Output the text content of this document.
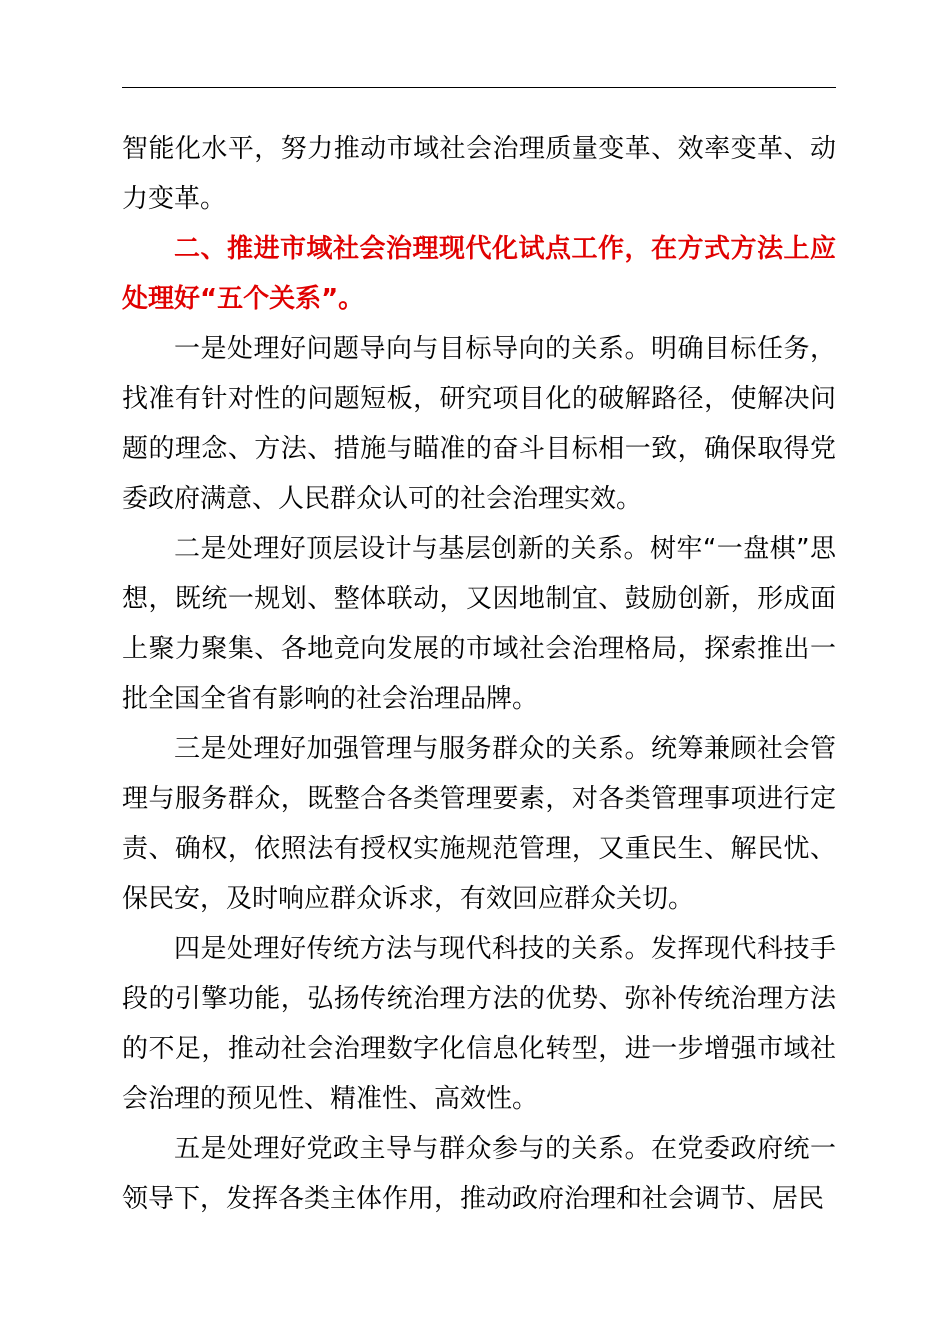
智能化水平，努力推动市域社会治理质量变革、效率变革、动力变革。

二、推进市域社会治理现代化试点工作，在方式方法上应处理好“五个关系”。

一是处理好问题导向与目标导向的关系。明确目标任务，找准有针对性的问题短板，研究项目化的破解路径，使解决问题的理念、方法、措施与瞄准的奋斗目标相一致，确保取得党委政府满意、人民群众认可的社会治理实效。

二是处理好顶层设计与基层创新的关系。树牢“一盘棋”思想，既统一规划、整体联动，又因地制宜、鼓励创新，形成面上聚力聚集、各地竞向发展的市域社会治理格局，探索推出一批全国全省有影响的社会治理品牌。

三是处理好加强管理与服务群众的关系。统筹兼顾社会管理与服务群众，既整合各类管理要素，对各类管理事项进行定责、确权，依照法有授权实施规范管理，又重民生、解民忧、保民安，及时响应群众诉求，有效回应群众关切。

四是处理好传统方法与现代科技的关系。发挥现代科技手段的引擎功能，弘扬传统治理方法的优势、弥补传统治理方法的不足，推动社会治理数字化信息化转型，进一步增强市域社会治理的预见性、精准性、高效性。

五是处理好党政主导与群众参与的关系。在党委政府统一领导下，发挥各类主体作用，推动政府治理和社会调节、居民
